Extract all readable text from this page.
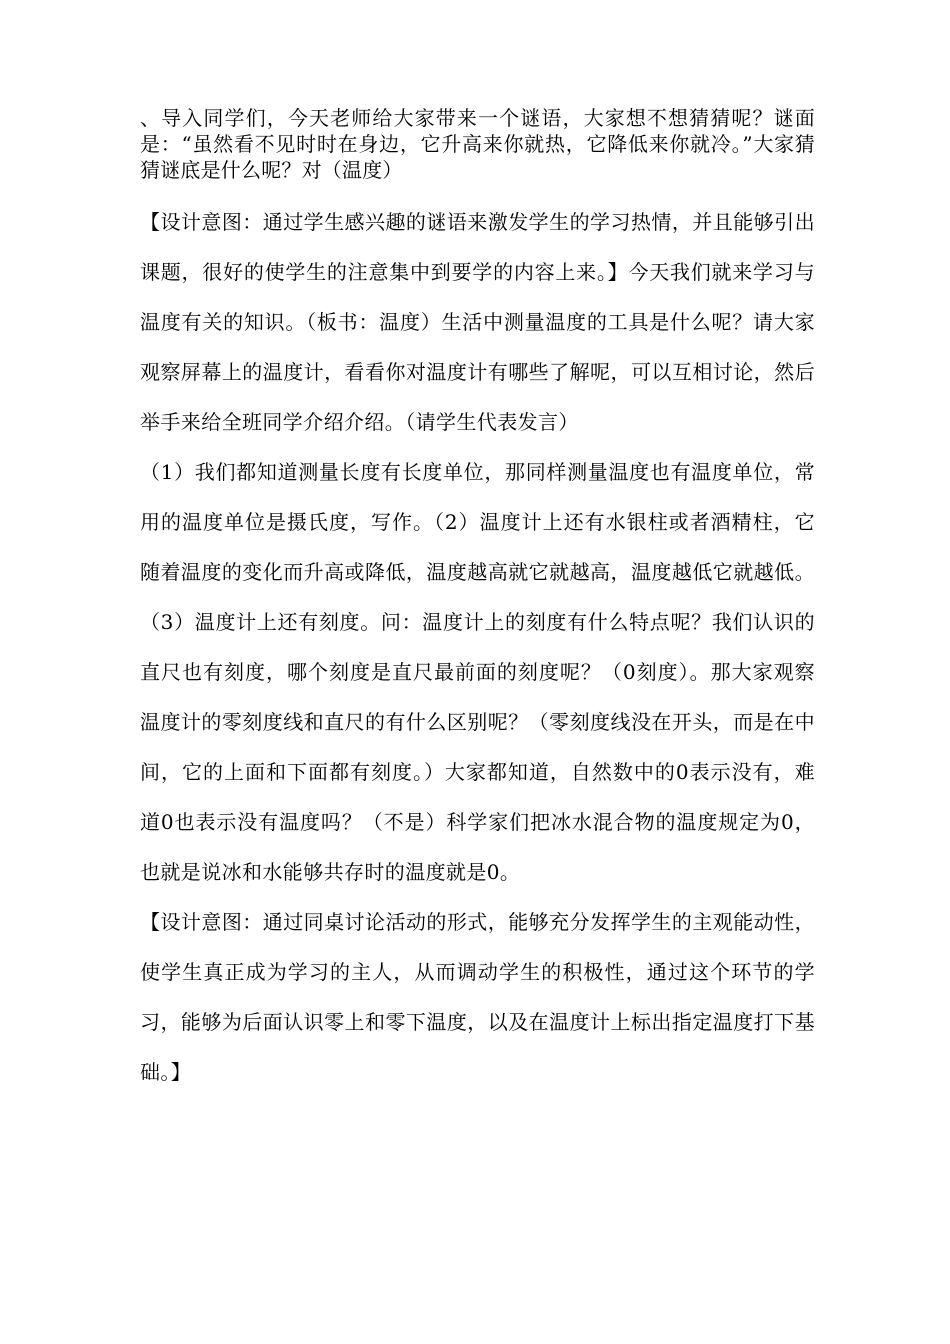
、导入同学们，今天老师给大家带来一个谜语，大家想不想猜猜呢？谜面是：“虽然看不见时时在身边，它升高来你就热，它降低来你就冷。”大家猜猜谜底是什么呢？对（温度）

【设计意图：通过学生感兴趣的谜语来激发学生的学习热情，并且能够引出课题，很好的使学生的注意集中到要学的内容上来。】今天我们就来学习与温度有关的知识。（板书：温度）生活中测量温度的工具是什么呢？请大家观察屏幕上的温度计，看看你对温度计有哪些了解呢，可以互相讨论，然后举手来给全班同学介绍介绍。（请学生代表发言）

（1）我们都知道测量长度有长度单位，那同样测量温度也有温度单位，常用的温度单位是摄氏度，写作。（2）温度计上还有水银柱或者酒精柱，它随着温度的变化而升高或降低，温度越高就它就越高，温度越低它就越低。（3）温度计上还有刻度。问：温度计上的刻度有什么特点呢？我们认识的直尺也有刻度，哪个刻度是直尺最前面的刻度呢？（0刻度）。那大家观察温度计的零刻度线和直尺的有什么区别呢？（零刻度线没在开头，而是在中间，它的上面和下面都有刻度。）大家都知道，自然数中的0表示没有，难道0也表示没有温度吗？（不是）科学家们把冰水混合物的温度规定为0，也就是说冰和水能够共存时的温度就是0。

【设计意图：通过同桌讨论活动的形式，能够充分发挥学生的主观能动性，使学生真正成为学习的主人，从而调动学生的积极性，通过这个环节的学习，能够为后面认识零上和零下温度，以及在温度计上标出指定温度打下基础。】
